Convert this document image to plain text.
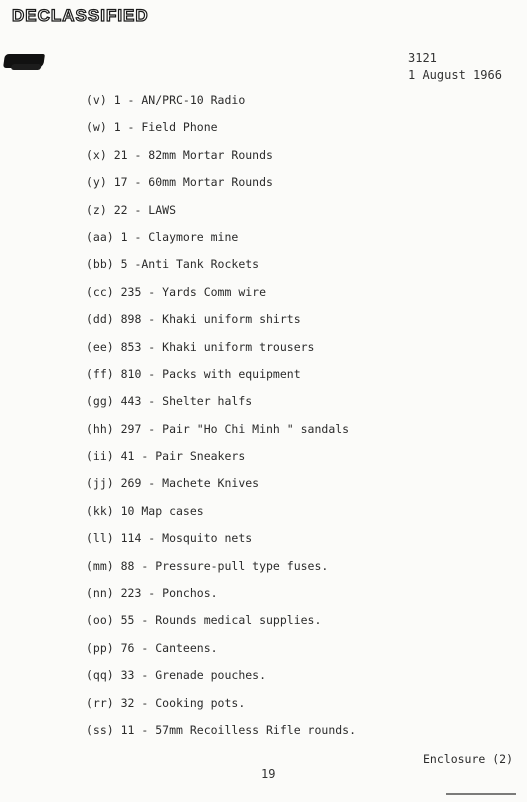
DECLASSIFIED
3121
1 August 1966
(v) 1 - AN/PRC-10 Radio
(w) 1 - Field Phone
(x) 21 - 82mm Mortar Rounds
(y) 17 - 60mm Mortar Rounds
(z) 22 - LAWS
(aa) 1 - Claymore mine
(bb) 5 -Anti Tank Rockets
(cc) 235 - Yards Comm wire
(dd) 898 - Khaki uniform shirts
(ee) 853 - Khaki uniform trousers
(ff) 810 - Packs with equipment
(gg) 443 - Shelter halfs
(hh) 297 - Pair "Ho Chi Minh " sandals
(ii) 41 - Pair Sneakers
(jj) 269 - Machete Knives
(kk) 10 Map cases
(ll) 114 - Mosquito nets
(mm) 88 - Pressure-pull type fuses.
(nn) 223 - Ponchos.
(oo) 55 - Rounds medical supplies.
(pp) 76 - Canteens.
(qq) 33 - Grenade pouches.
(rr) 32 - Cooking pots.
(ss) 11 - 57mm Recoilless Rifle rounds.
Enclosure (2)
19
